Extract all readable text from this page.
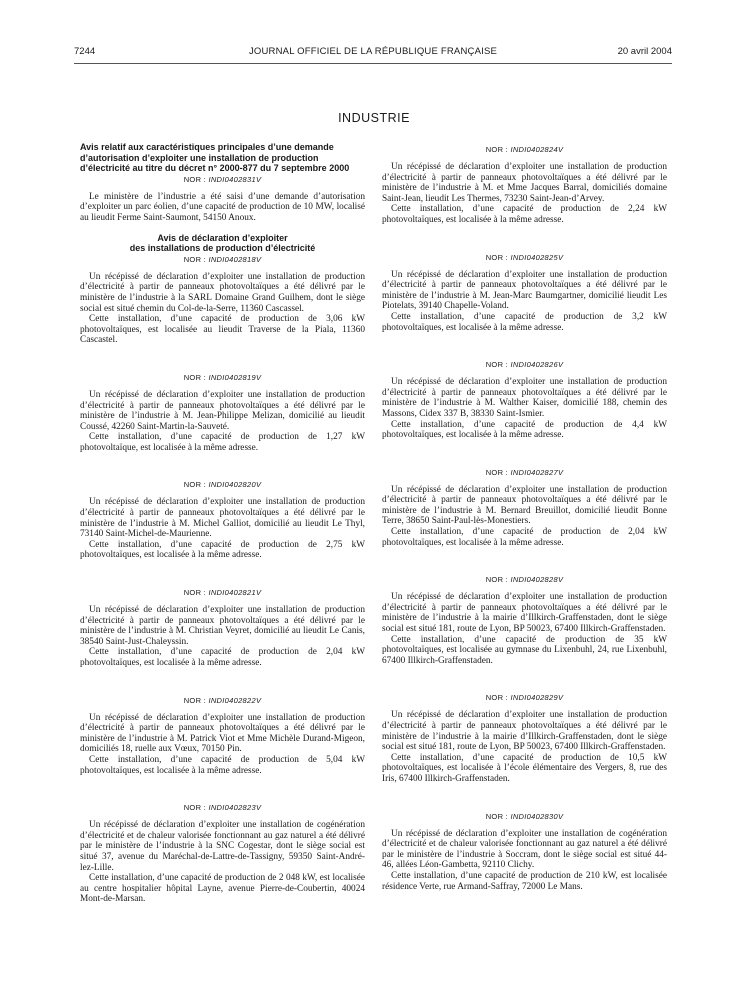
7244	JOURNAL OFFICIEL DE LA RÉPUBLIQUE FRANÇAISE	20 avril 2004
INDUSTRIE

Avis relatif aux caractéristiques principales d’une demande d’autorisation d’exploiter une installation de production d’électricité au titre du décret n° 2000-877 du 7 septembre 2000

NOR : INDI0402831V

Le ministère de l’industrie a été saisi d’une demande d’autorisation d’exploiter un parc éolien, d’une capacité de production de 10 MW, localisé au lieudit Ferme Saint-Saumont, 54150 Anoux.

Avis de déclaration d’exploiter

des installations de production d’électricité

NOR : INDI0402818V

Un récépissé de déclaration d’exploiter une installation de production d’électricité à partir de panneaux photovoltaïques a été délivré par le ministère de l’industrie à la SARL Domaine Grand Guilhem, dont le siège social est situé chemin du Col-de-la-Serre, 11360 Cascassel.

Cette installation, d’une capacité de production de 3,06 kW photovoltaïques, est localisée au lieudit Traverse de la Piala, 11360 Cascastel.

NOR : INDI0402819V

Un récépissé de déclaration d’exploiter une installation de production d’électricité à partir de panneaux photovoltaïques a été délivré par le ministère de l’industrie à M. Jean-Philippe Melizan, domicilié au lieudit Coussé, 42260 Saint-Martin-la-Sauveté.

Cette installation, d’une capacité de production de 1,27 kW photovoltaïque, est localisée à la même adresse.

NOR : INDI0402820V

Un récépissé de déclaration d’exploiter une installation de production d’électricité à partir de panneaux photovoltaïques a été délivré par le ministère de l’industrie à M. Michel Galliot, domicilié au lieudit Le Thyl, 73140 Saint-Michel-de-Maurienne.

Cette installation, d’une capacité de production de 2,75 kW photovoltaïques, est localisée à la même adresse.

NOR : INDI0402821V

Un récépissé de déclaration d’exploiter une installation de production d’électricité à partir de panneaux photovoltaïques a été délivré par le ministère de l’industrie à M. Christian Veyret, domicilié au lieudit Le Canis, 38540 Saint-Just-Chaleyssin.

Cette installation, d’une capacité de production de 2,04 kW photovoltaïques, est localisée à la même adresse.

NOR : INDI0402822V

Un récépissé de déclaration d’exploiter une installation de production d’électricité à partir de panneaux photovoltaïques a été délivré par le ministère de l’industrie à M. Patrick Viot et Mme Michèle Durand-Migeon, domiciliés 18, ruelle aux Vœux, 70150 Pin.

Cette installation, d’une capacité de production de 5,04 kW photovoltaïques, est localisée à la même adresse.

NOR : INDI0402823V

Un récépissé de déclaration d’exploiter une installation de cogénération d’électricité et de chaleur valorisée fonctionnant au gaz naturel a été délivré par le ministère de l’industrie à la SNC Cogestar, dont le siège social est situé 37, avenue du Maréchal-de-Lattre-de-Tassigny, 59350 Saint-André-lez-Lille.

Cette installation, d’une capacité de production de 2 048 kW, est localisée au centre hospitalier hôpital Layne, avenue Pierre-de-Coubertin, 40024 Mont-de-Marsan.

NOR : INDI0402824V

Un récépissé de déclaration d’exploiter une installation de production d’électricité à partir de panneaux photovoltaïques a été délivré par le ministère de l’industrie à M. et Mme Jacques Barral, domiciliés domaine Saint-Jean, lieudit Les Thermes, 73230 Saint-Jean-d’Arvey.

Cette installation, d’une capacité de production de 2,24 kW photovoltaïques, est localisée à la même adresse.

NOR : INDI0402825V

Un récépissé de déclaration d’exploiter une installation de production d’électricité à partir de panneaux photovoltaïques a été délivré par le ministère de l’industrie à M. Jean-Marc Baumgartner, domicilié lieudit Les Piotelats, 39140 Chapelle-Voland.

Cette installation, d’une capacité de production de 3,2 kW photovoltaïques, est localisée à la même adresse.

NOR : INDI0402826V

Un récépissé de déclaration d’exploiter une installation de production d’électricité à partir de panneaux photovoltaïques a été délivré par le ministère de l’industrie à M. Walther Kaiser, domicilié 188, chemin des Massons, Cidex 337 B, 38330 Saint-Ismier.

Cette installation, d’une capacité de production de 4,4 kW photovoltaïques, est localisée à la même adresse.

NOR : INDI0402827V

Un récépissé de déclaration d’exploiter une installation de production d’électricité à partir de panneaux photovoltaïques a été délivré par le ministère de l’industrie à M. Bernard Breuillot, domicilié lieudit Bonne Terre, 38650 Saint-Paul-lès-Monestiers.

Cette installation, d’une capacité de production de 2,04 kW photovoltaïques, est localisée à la même adresse.

NOR : INDI0402828V

Un récépissé de déclaration d’exploiter une installation de production d’électricité à partir de panneaux photovoltaïques a été délivré par le ministère de l’industrie à la mairie d’Illkirch-Graffenstaden, dont le siège social est situé 181, route de Lyon, BP 50023, 67400 Illkirch-Graffenstaden.

Cette installation, d’une capacité de production de 35 kW photovoltaïques, est localisée au gymnase du Lixenbuhl, 24, rue Lixenbuhl, 67400 Illkirch-Graffenstaden.

NOR : INDI0402829V

Un récépissé de déclaration d’exploiter une installation de production d’électricité à partir de panneaux photovoltaïques a été délivré par le ministère de l’industrie à la mairie d’Illkirch-Graffenstaden, dont le siège social est situé 181, route de Lyon, BP 50023, 67400 Illkirch-Graffenstaden.

Cette installation, d’une capacité de production de 10,5 kW photovoltaïques, est localisée à l’école élémentaire des Vergers, 8, rue des Iris, 67400 Illkirch-Graffenstaden.

NOR : INDI0402830V

Un récépissé de déclaration d’exploiter une installation de cogénération d’électricité et de chaleur valorisée fonctionnant au gaz naturel a été délivré par le ministère de l’industrie à Soccram, dont le siège social est situé 44-46, allées Léon-Gambetta, 92110 Clichy.

Cette installation, d’une capacité de production de 210 kW, est localisée résidence Verte, rue Armand-Saffray, 72000 Le Mans.
